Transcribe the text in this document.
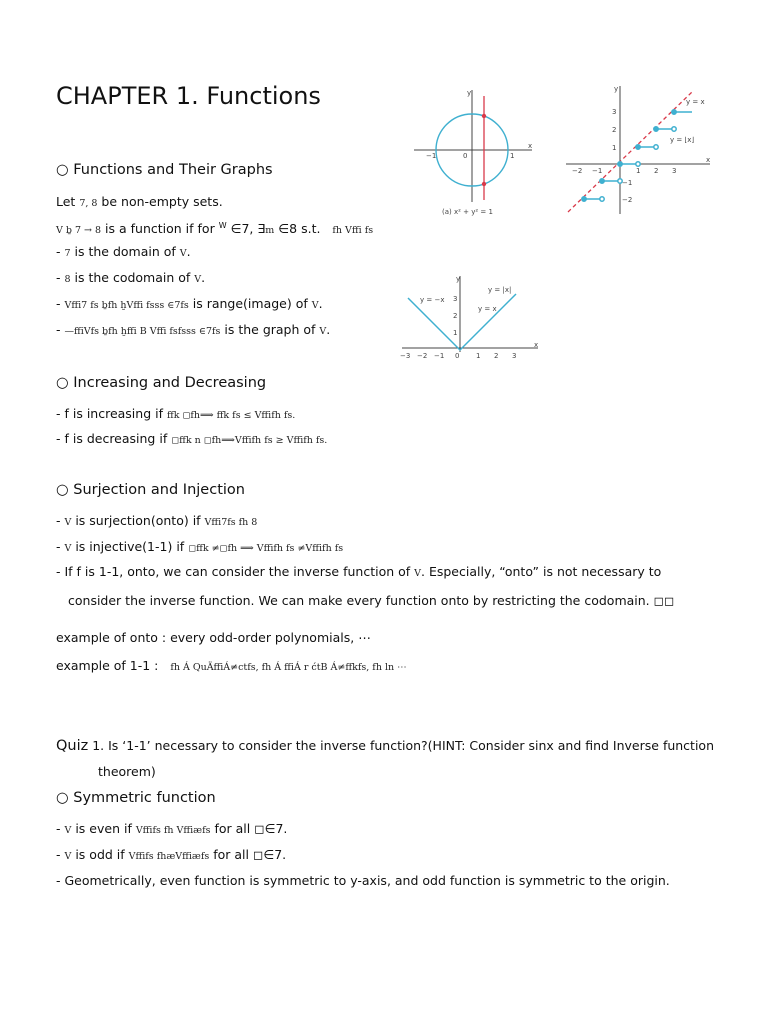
CHAPTER 1. Functions
○ Functions and Their Graphs
Let 7, 8 be non-empty sets.
V ḇ 7 → 8 is a function if for $^W$ ∈7, ∃m ∈8 s.t. fh Vffi fs
- 7 is the domain of V.
- 8 is the codomain of V.
- Vffi7 fs ḇfh ḫVffi fsss ∈7fs is range(image) of V.
- —ffiVfs ḇfh ḫffi B Vffi fsfsss ∈7fs is the graph of V.
y
x
−1	0	1
(a) x² + y² = 1
y
x
y = x
y = ⌊x⌋
−2 −1	1 2 3
3
2
1
−1
−2
y
x
y = −x
y = |x|
y = x
−3 −2 −1 0 1 2 3
3
2
1
○ Increasing and Decreasing
- f is increasing if ffk ◻fh⟹ ffk fs ≤ Vffifh fs.
- f is decreasing if ◻ffk n ◻fh⟹Vffifh fs ≥ Vffifh fs.
○ Surjection and Injection
- V is surjection(onto) if Vffi7fs fh 8
- V is injective(1-1) if ◻ffk ≠◻fh ⟹ Vffifh fs ≠Vffifh fs
- If f is 1-1, onto, we can consider the inverse function of V. Especially, “onto” is not necessary to
consider the inverse function. We can make every function onto by restricting the codomain. ◻◻
example of onto : every odd-order polynomials, ⋯
example of 1-1 :   fh Á QuÄffiÁ≠ctfs, fh Á ffiÁ r ćtB Á≠ffkfs, fh ln ⋯
Quiz 1. Is ‘1-1’ necessary to consider the inverse function?(HINT: Consider sinx and find Inverse function
theorem)
○ Symmetric function
- V is even if Vffifs fh Vffiæfs for all ◻∈7.
- V is odd if Vffifs fhæVffiæfs for all ◻∈7.
- Geometrically, even function is symmetric to y-axis, and odd function is symmetric to the origin.
